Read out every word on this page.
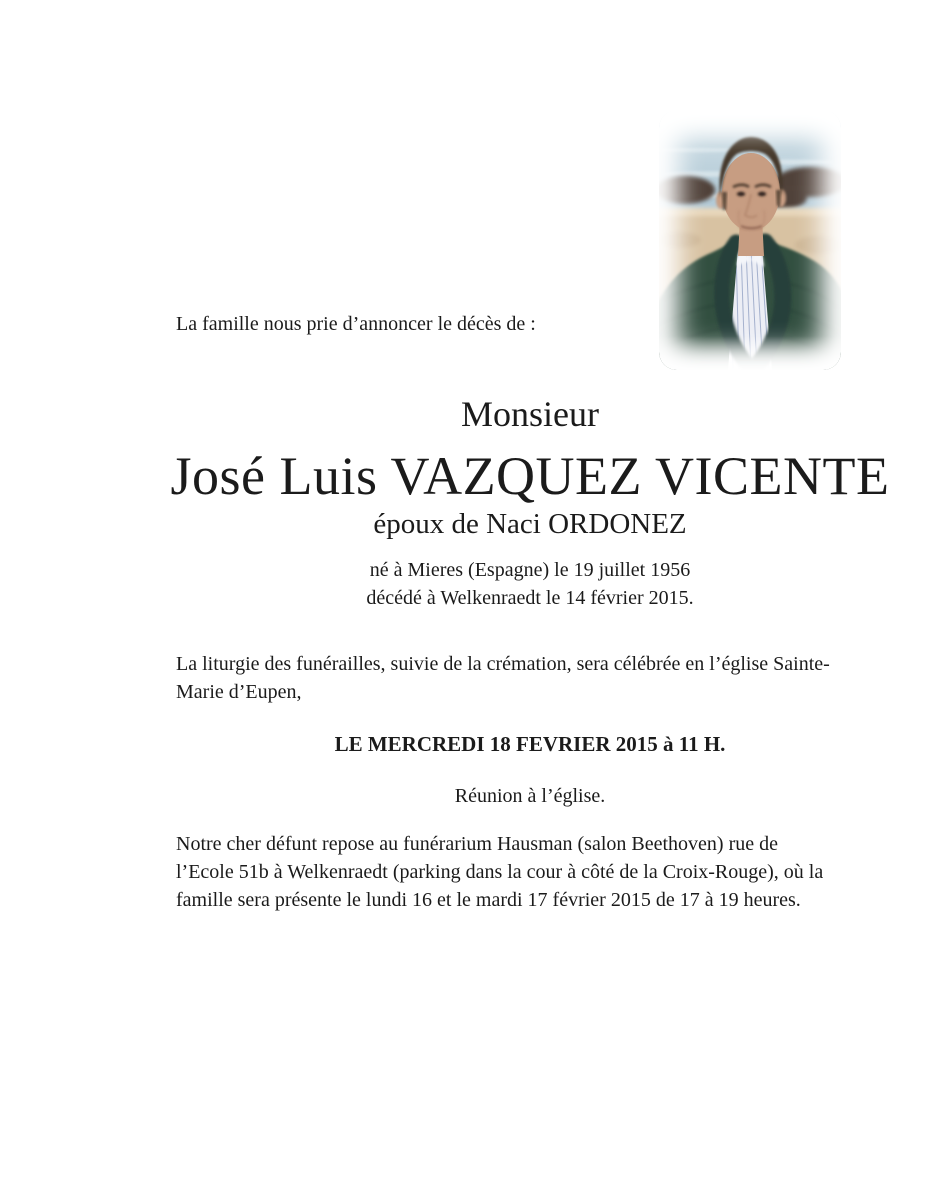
La famille nous prie d’annoncer le décès de :
Monsieur
José Luis VAZQUEZ VICENTE
époux de Naci ORDONEZ
né à Mieres (Espagne) le 19 juillet 1956
décédé à Welkenraedt le 14 février 2015.
La liturgie des funérailles, suivie de la crémation, sera célébrée en l’église Sainte-
Marie d’Eupen,
LE MERCREDI 18 FEVRIER 2015 à 11 H.
Réunion à l’église.
Notre cher défunt repose au funérarium Hausman (salon Beethoven) rue de
l’Ecole 51b à Welkenraedt (parking dans la cour à côté de la Croix-Rouge), où la
famille sera présente le lundi 16 et le mardi 17 février 2015 de 17 à 19 heures.
